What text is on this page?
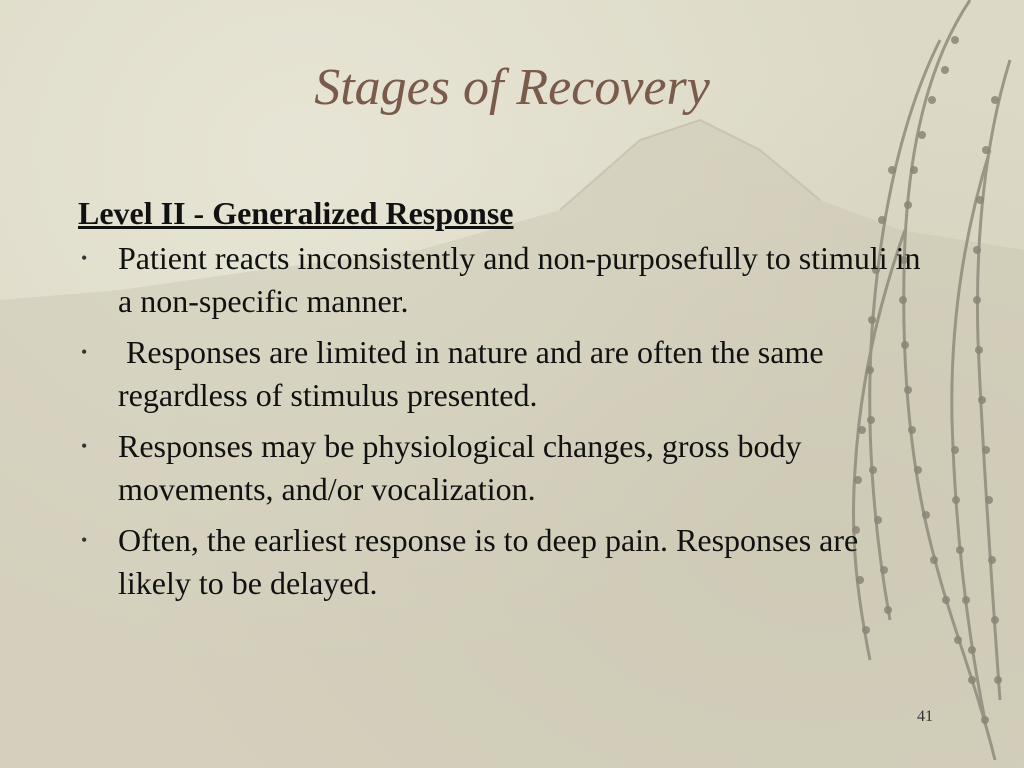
Stages of Recovery
Level II - Generalized Response
• Patient reacts inconsistently and non-purposefully to stimuli in a non-specific manner.
• Responses are limited in nature and are often the same regardless of stimulus presented.
• Responses may be physiological changes, gross body movements, and/or vocalization.
• Often, the earliest response is to deep pain. Responses are likely to be delayed.
41
